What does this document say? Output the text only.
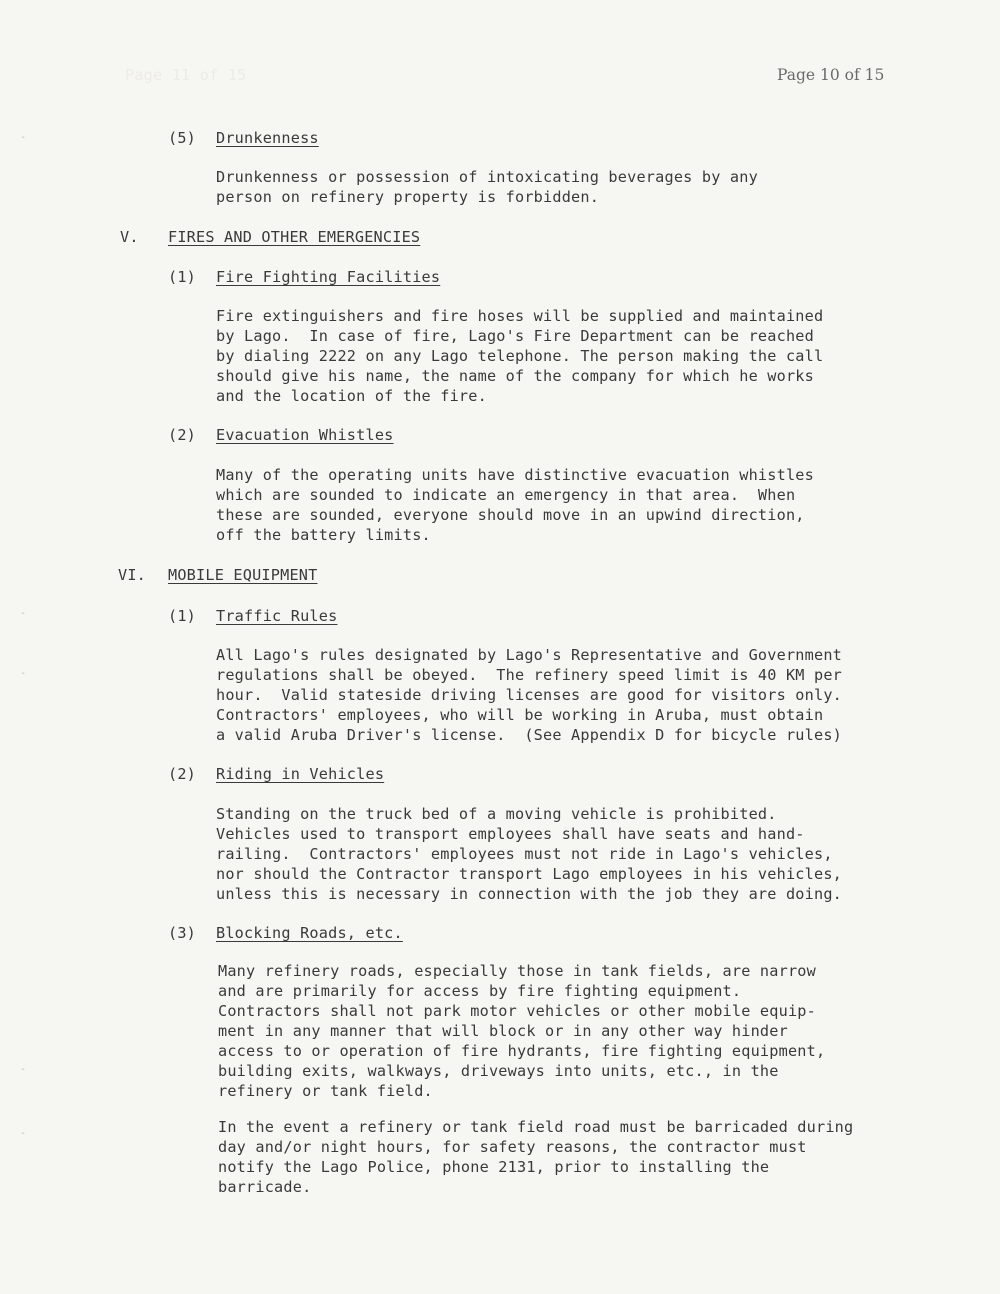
Page 11 of 15
-
-
-
-
-
Page 10 of 15
(5) Drunkenness
Drunkenness or possession of intoxicating beverages by any
person on refinery property is forbidden.
V. FIRES AND OTHER EMERGENCIES
(1) Fire Fighting Facilities
Fire extinguishers and fire hoses will be supplied and maintained
by Lago.  In case of fire, Lago's Fire Department can be reached
by dialing 2222 on any Lago telephone. The person making the call
should give his name, the name of the company for which he works
and the location of the fire.
(2) Evacuation Whistles
Many of the operating units have distinctive evacuation whistles
which are sounded to indicate an emergency in that area.  When
these are sounded, everyone should move in an upwind direction,
off the battery limits.
VI. MOBILE EQUIPMENT
(1) Traffic Rules
All Lago's rules designated by Lago's Representative and Government
regulations shall be obeyed.  The refinery speed limit is 40 KM per
hour.  Valid stateside driving licenses are good for visitors only.
Contractors' employees, who will be working in Aruba, must obtain
a valid Aruba Driver's license.  (See Appendix D for bicycle rules)
(2) Riding in Vehicles
Standing on the truck bed of a moving vehicle is prohibited.
Vehicles used to transport employees shall have seats and hand-
railing.  Contractors' employees must not ride in Lago's vehicles,
nor should the Contractor transport Lago employees in his vehicles,
unless this is necessary in connection with the job they are doing.
(3) Blocking Roads, etc.
Many refinery roads, especially those in tank fields, are narrow
and are primarily for access by fire fighting equipment.
Contractors shall not park motor vehicles or other mobile equip-
ment in any manner that will block or in any other way hinder
access to or operation of fire hydrants, fire fighting equipment,
building exits, walkways, driveways into units, etc., in the
refinery or tank field.
In the event a refinery or tank field road must be barricaded during
day and/or night hours, for safety reasons, the contractor must
notify the Lago Police, phone 2131, prior to installing the
barricade.
